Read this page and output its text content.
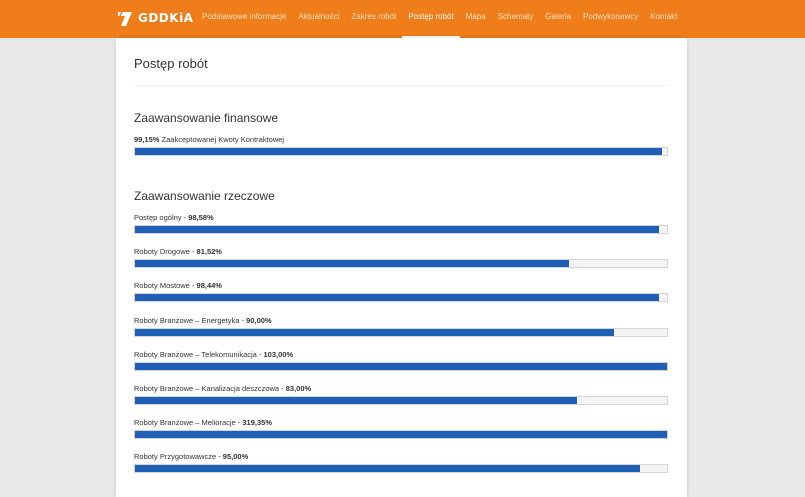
GDDKiA	Podstawowe informacje	Aktualności	Zakres robót	Postęp robót	Mapa	Schematy	Galeria	Podwykonawcy	Kontakt
Postęp robót
Zaawansowanie finansowe
99,15% Zaakceptowanej Kwoty Kontraktowej
Zaawansowanie rzeczowe
Postęp ogólny - 98,58%
Roboty Drogowe - 81,52%
Roboty Mostowe - 98,44%
Roboty Branżowe – Energetyka - 90,00%
Roboty Branżowe – Telekomunikacja - 103,00%
Roboty Branżowe – Kanalizacja deszczowa - 83,00%
Roboty Branżowe – Melioracje - 319,35%
Roboty Przygotowawcze - 95,00%
